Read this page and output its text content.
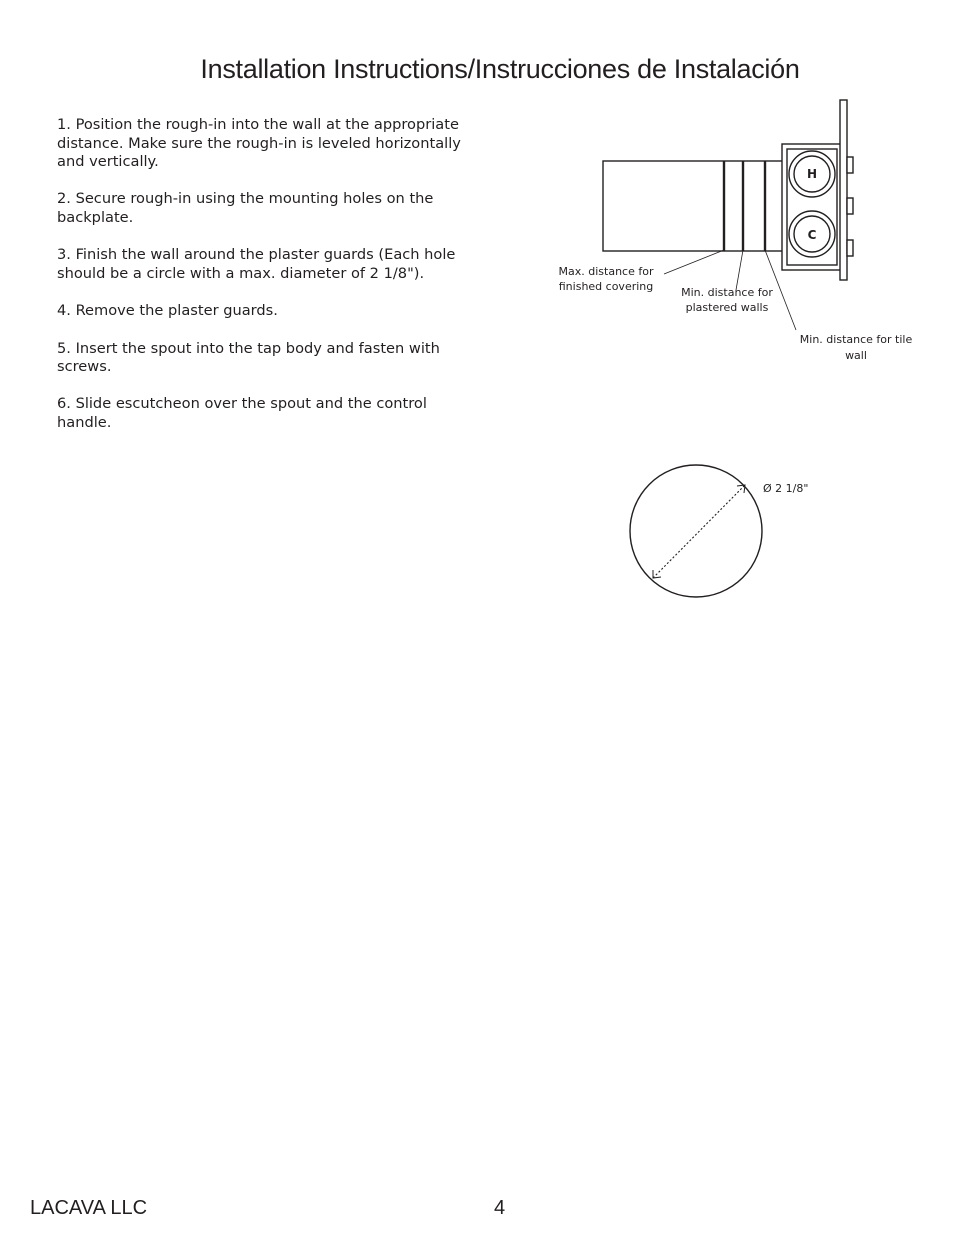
Installation Instructions/Instrucciones de Instalación

1. Position the rough-in into the wall at the appropriate distance. Make sure the rough-in is leveled horizontally and vertically.

2. Secure rough-in using the mounting holes on the backplate.

3. Finish the wall around the plaster guards (Each hole should be a circle with a max. diameter of 2 1/8").

4. Remove the plaster guards.

5. Insert the spout into the tap body and fasten with screws.

6. Slide escutcheon over the spout and the control handle.

H
C
Max. distance for
finished covering	Min. distance for
plastered walls
Min. distance for tile
wall
Ø 2 1/8"
LACAVA LLC	4
